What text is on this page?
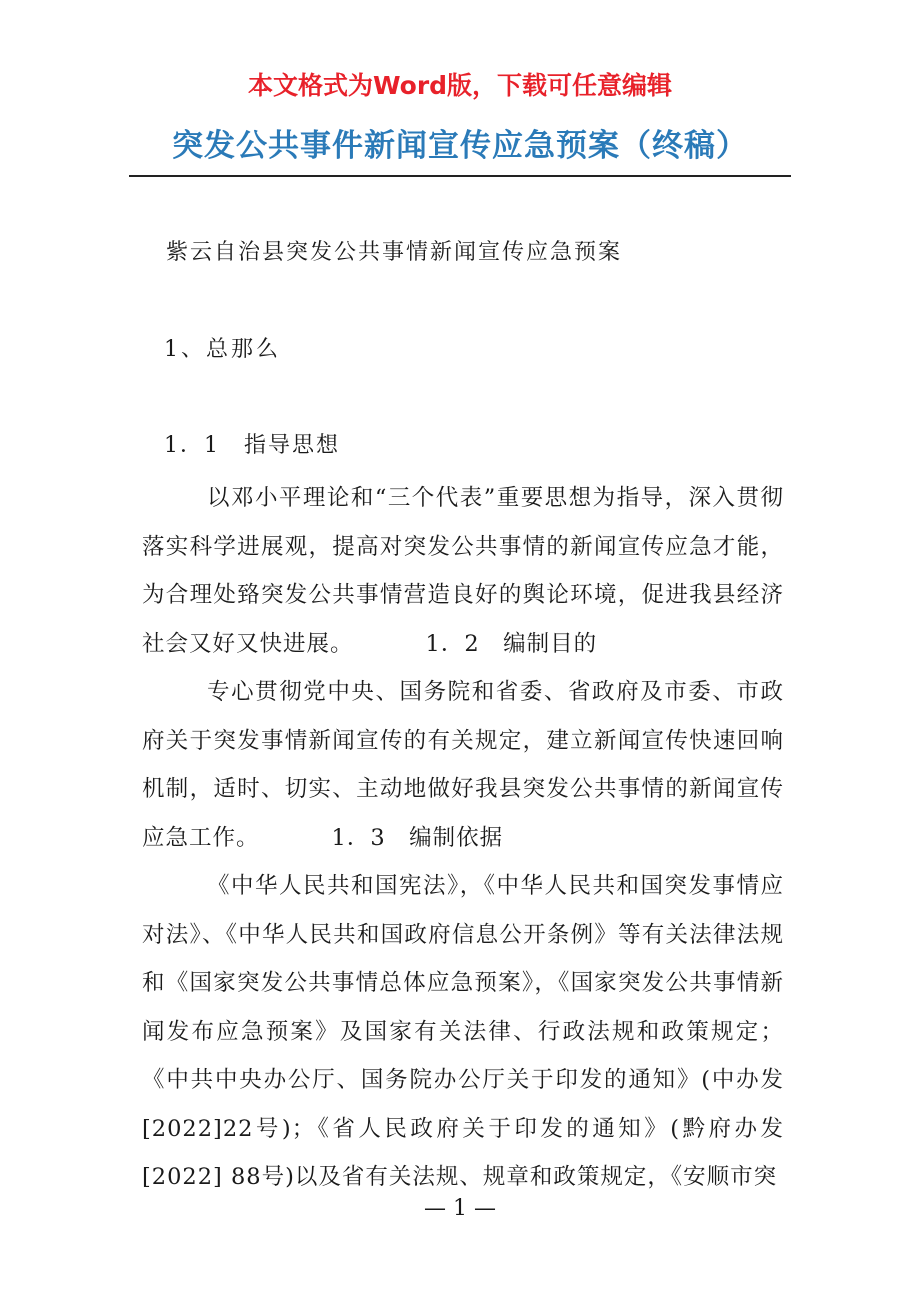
本文格式为Word版，下载可任意编辑
突发公共事件新闻宣传应急预案（终稿）
紫云自治县突发公共事情新闻宣传应急预案
1、总那么
1．1　指导思想

以邓小平理论和“三个代表”重要思想为指导，深入贯彻落实科学进展观，提高对突发公共事情的新闻宣传应急才能，为合理处臵突发公共事情营造良好的舆论环境，促进我县经济社会又好又快进展。	1．2　编制目的

专心贯彻党中央、国务院和省委、省政府及市委、市政府关于突发事情新闻宣传的有关规定，建立新闻宣传快速回响机制，适时、切实、主动地做好我县突发公共事情的新闻宣传应急工作。	1．3　编制依据

《中华人民共和国宪法》，《中华人民共和国突发事情应对法》、《中华人民共和国政府信息公开条例》等有关法律法规和《国家突发公共事情总体应急预案》，《国家突发公共事情新闻发布应急预案》及国家有关法律、行政法规和政策规定；《中共中央办公厅、国务院办公厅关于印发的通知》(中办发[2022]22号)；《省人民政府关于印发的通知》(黔府办发[2022] 88号)以及省有关法规、规章和政策规定，《安顺市突

— 1 —
